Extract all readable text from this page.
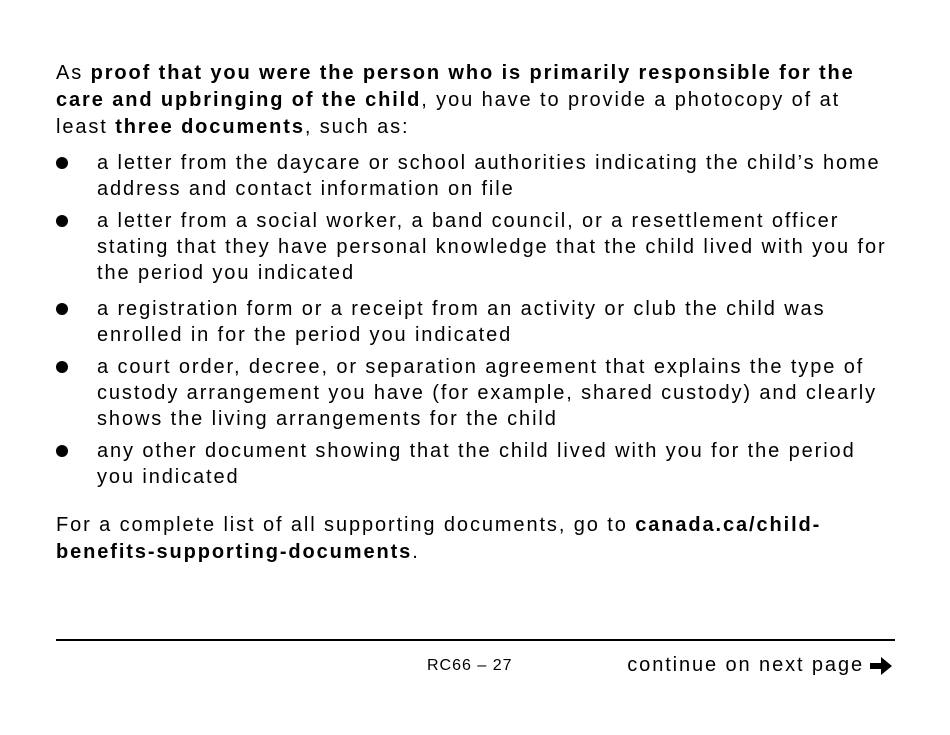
As proof that you were the person who is primarily responsible for the care and upbringing of the child, you have to provide a photocopy of at least three documents, such as:

a letter from the daycare or school authorities indicating the child’s home address and contact information on file
a letter from a social worker, a band council, or a resettlement officer stating that they have personal knowledge that the child lived with you for the period you indicated
a registration form or a receipt from an activity or club the child was enrolled in for the period you indicated
a court order, decree, or separation agreement that explains the type of custody arrangement you have (for example, shared custody) and clearly shows the living arrangements for the child
any other document showing that the child lived with you for the period you indicated

For a complete list of all supporting documents, go to canada.ca/child-benefits-supporting-documents.

RC66 – 27	continue on next page
